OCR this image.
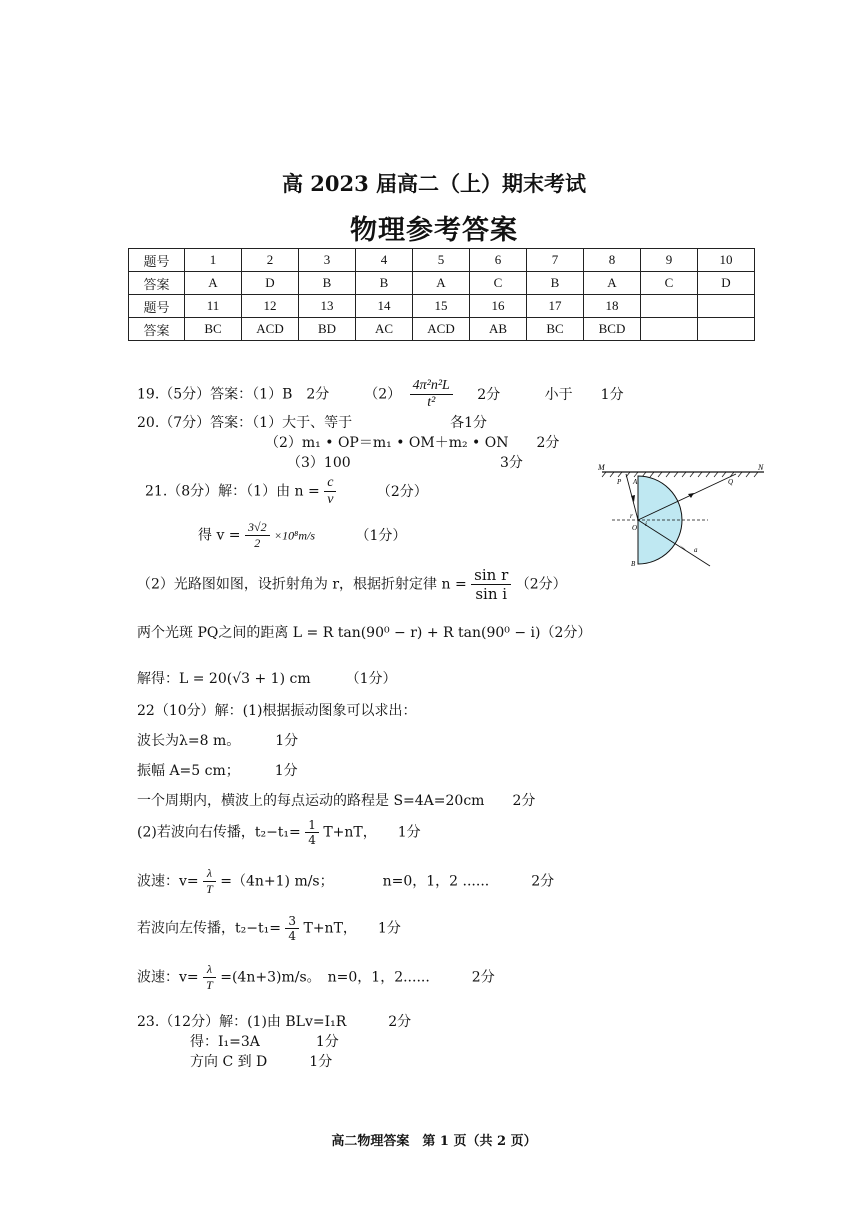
高 2023 届高二（上）期末考试
物理参考答案
题号	1	2	3	4	5	6	7	8	9	10
答案	A	D	B	B	A	C	B	A	C	D
题号	11	12	13	14	15	16	17	18		
答案	BC	ACD	BD	AC	ACD	AB	BC	BCD		
19.（5分）答案：（1）B　2分　　　$(2) \frac{\text{4π²n²L}}{\text{t²}} 2$分	小于　　1分
20.（7分）答案：（1）大于、等于　　　　　　　各1分
（2）m₁ • OP＝m₁ • OM＋m₂ • ON　　2分
（3）100	3分
21.（8分）解：（1）由 $n = \frac{c}{v}$	（2分）
得 $v = \frac{3√2}{2} \times 10^8m/s$	（1分）
（2）光路图如图，设折射角为 r，根据折射定律 $n = \frac{\text{sin r}}{\text{sin i}} (2$分）
两个光斑 PQ之间的距离 L = R tan(90⁰ − r) + R tan(90⁰ − i)（2分）
解得：L = 20(√3 + 1) cm　　　（1分）
M	N
P A	Q
O
r
i
a
B
22（10分）解：(1)根据振动图象可以求出：
波长为λ=8 m。　　　1分
振幅 A=5 cm；　　　1分
一个周期内，横波上的每点运动的路程是 S=4A=20cm　　2分
(2)若波向右传播，$t_2-t_1= \frac{1}{4} T+nT$，　　1分
波速：$v= \frac{\lambda}{T} =(4n+1)$ m/s；　　　　n=0，1，2 ......　　　2分
若波向左传播，$t_2-t_1= \frac{3}{4} T+nT$，　　1分
波速：$v= \frac{\lambda}{T} =(4n+3)m/s$。　n=0，1，2......　　　2分
23.（12分）解：(1)由 BLv=I₁R　　　2分
得：I₁=3A　　　　1分
方向 C 到 D　　　1分
高二物理答案　第 1 页（共 2 页）
